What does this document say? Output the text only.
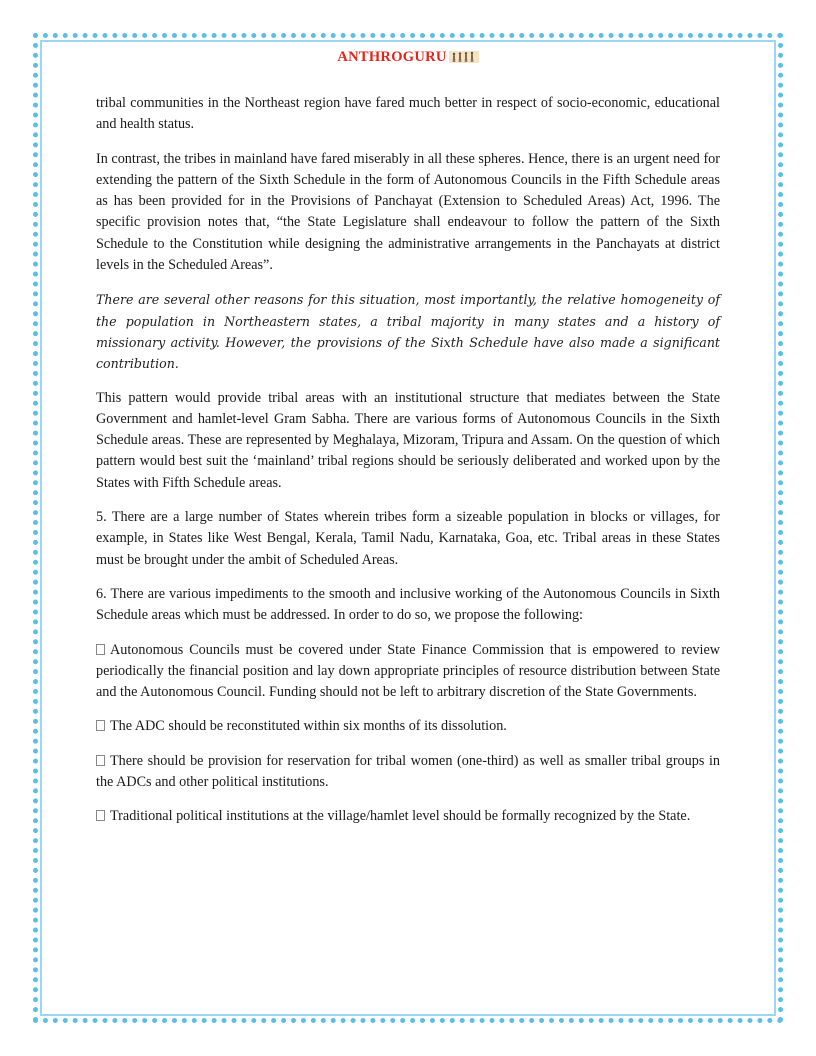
ANTHROGURU

tribal communities in the Northeast region have fared much better in respect of socio-economic, educational and health status.

In contrast, the tribes in mainland have fared miserably in all these spheres. Hence, there is an urgent need for extending the pattern of the Sixth Schedule in the form of Autonomous Councils in the Fifth Schedule areas as has been provided for in the Provisions of Panchayat (Extension to Scheduled Areas) Act, 1996. The specific provision notes that, “the State Legislature shall endeavour to follow the pattern of the Sixth Schedule to the Constitution while designing the administrative arrangements in the Panchayats at district levels in the Scheduled Areas”.

There are several other reasons for this situation, most importantly, the relative homogeneity of the population in Northeastern states, a tribal majority in many states and a history of missionary activity. However, the provisions of the Sixth Schedule have also made a significant contribution.

This pattern would provide tribal areas with an institutional structure that mediates between the State Government and hamlet-level Gram Sabha. There are various forms of Autonomous Councils in the Sixth Schedule areas. These are represented by Meghalaya, Mizoram, Tripura and Assam. On the question of which pattern would best suit the ‘mainland’ tribal regions should be seriously deliberated and worked upon by the States with Fifth Schedule areas.

5. There are a large number of States wherein tribes form a sizeable population in blocks or villages, for example, in States like West Bengal, Kerala, Tamil Nadu, Karnataka, Goa, etc. Tribal areas in these States must be brought under the ambit of Scheduled Areas.

6. There are various impediments to the smooth and inclusive working of the Autonomous Councils in Sixth Schedule areas which must be addressed. In order to do so, we propose the following:

Autonomous Councils must be covered under State Finance Commission that is empowered to review periodically the financial position and lay down appropriate principles of resource distribution between State and the Autonomous Council. Funding should not be left to arbitrary discretion of the State Governments.

The ADC should be reconstituted within six months of its dissolution.

There should be provision for reservation for tribal women (one-third) as well as smaller tribal groups in the ADCs and other political institutions.

Traditional political institutions at the village/hamlet level should be formally recognized by the State.
